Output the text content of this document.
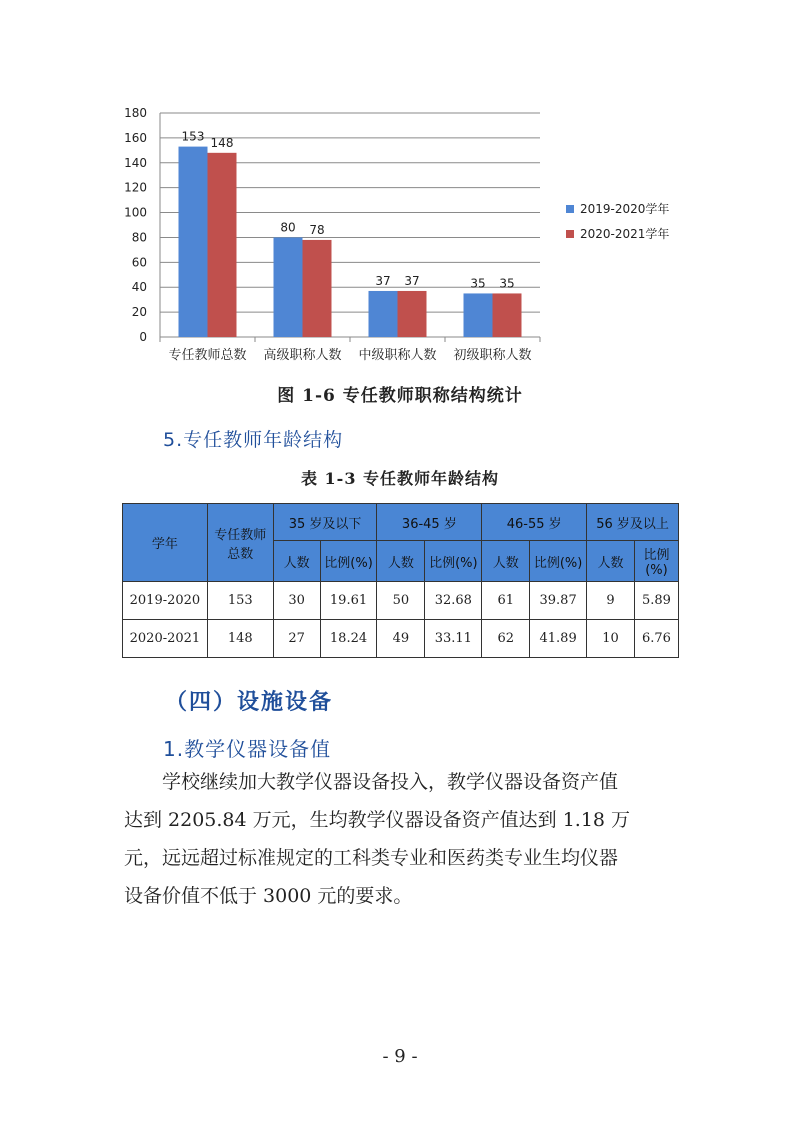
0
20
40
60
80
100
120
140
160
180
153 148
专任教师总数
80 78
高级职称人数
37 37
中级职称人数
35 35
初级职称人数
2019-2020学年
2020-2021学年
图 1-6 专任教师职称结构统计
5.专任教师年龄结构
表 1-3 专任教师年龄结构
学年	专任教师总数	35 岁及以下		36-45 岁		46-55 岁		56 岁及以上	
		人数	比例(%)	人数	比例(%)	人数	比例(%)	人数	比例(%)
2019-2020	153	30	19.61	50	32.68	61	39.87	9	5.89
2020-2021	148	27	18.24	49	33.11	62	41.89	10	6.76
（四）设施设备
1.教学仪器设备值
学校继续加大教学仪器设备投入，教学仪器设备资产值
达到 2205.84 万元，生均教学仪器设备资产值达到 1.18 万
元，远远超过标准规定的工科类专业和医药类专业生均仪器
设备价值不低于 3000 元的要求。
- 9 -
